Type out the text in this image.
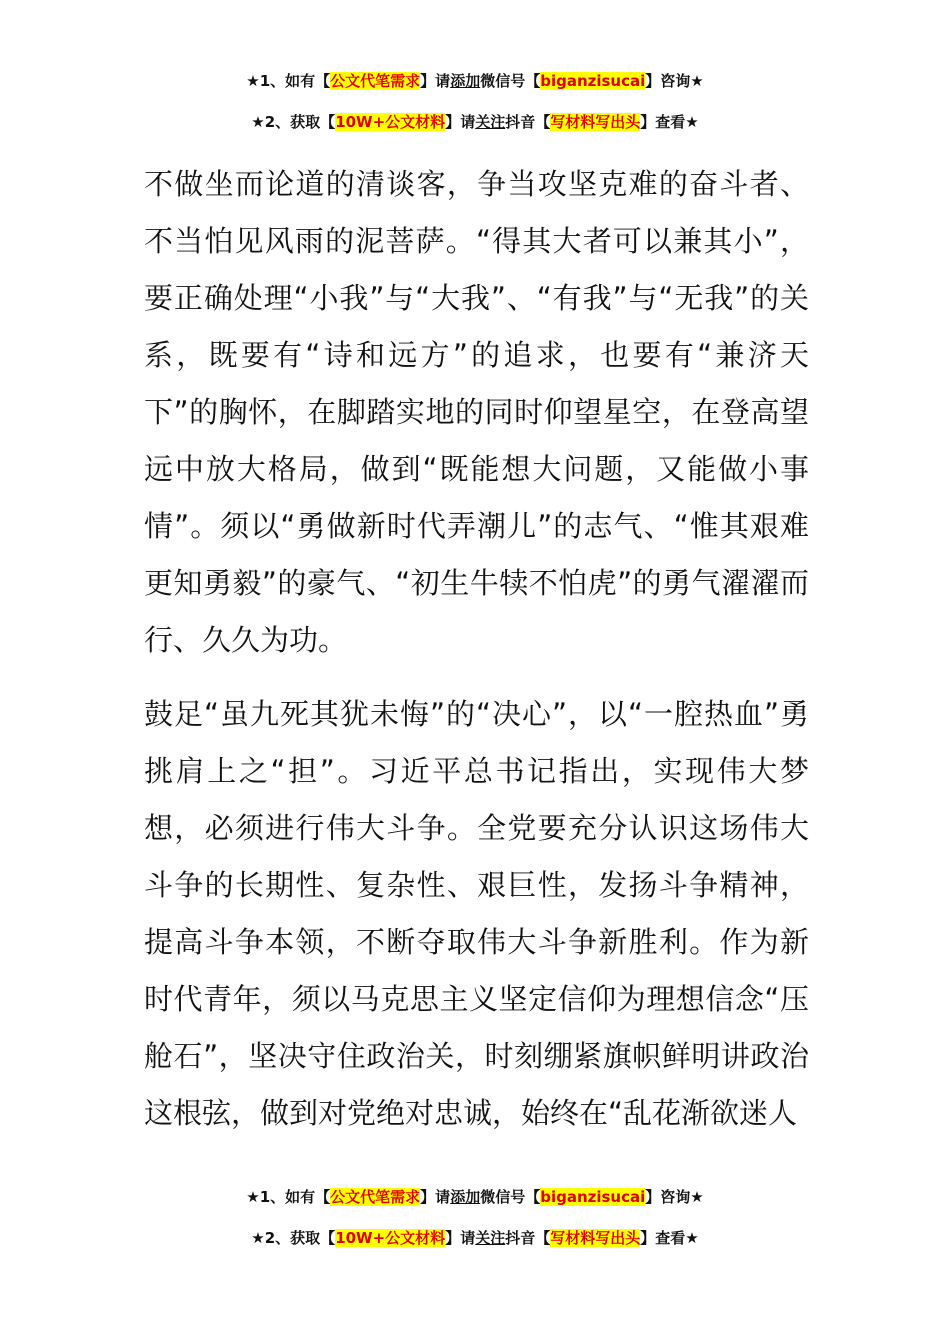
★1、如有【公文代笔需求】请添加微信号【biganzisucai】咨询★
★2、获取【10W+公文材料】请关注抖音【写材料写出头】查看★

不做坐而论道的清谈客，争当攻坚克难的奋斗者、不当怕见风雨的泥菩萨。“得其大者可以兼其小”，要正确处理“小我”与“大我”、“有我”与“无我”的关系，既要有“诗和远方”的追求，也要有“兼济天下”的胸怀，在脚踏实地的同时仰望星空，在登高望远中放大格局，做到“既能想大问题，又能做小事情”。须以“勇做新时代弄潮儿”的志气、“惟其艰难更知勇毅”的豪气、“初生牛犊不怕虎”的勇气濯濯而行、久久为功。

鼓足“虽九死其犹未悔”的“决心”，以“一腔热血”勇挑肩上之“担”。习近平总书记指出，实现伟大梦想，必须进行伟大斗争。全党要充分认识这场伟大斗争的长期性、复杂性、艰巨性，发扬斗争精神，提高斗争本领，不断夺取伟大斗争新胜利。作为新时代青年，须以马克思主义坚定信仰为理想信念“压舱石”，坚决守住政治关，时刻绷紧旗帜鲜明讲政治这根弦，做到对党绝对忠诚，始终在“乱花渐欲迷人

★1、如有【公文代笔需求】请添加微信号【biganzisucai】咨询★
★2、获取【10W+公文材料】请关注抖音【写材料写出头】查看★
